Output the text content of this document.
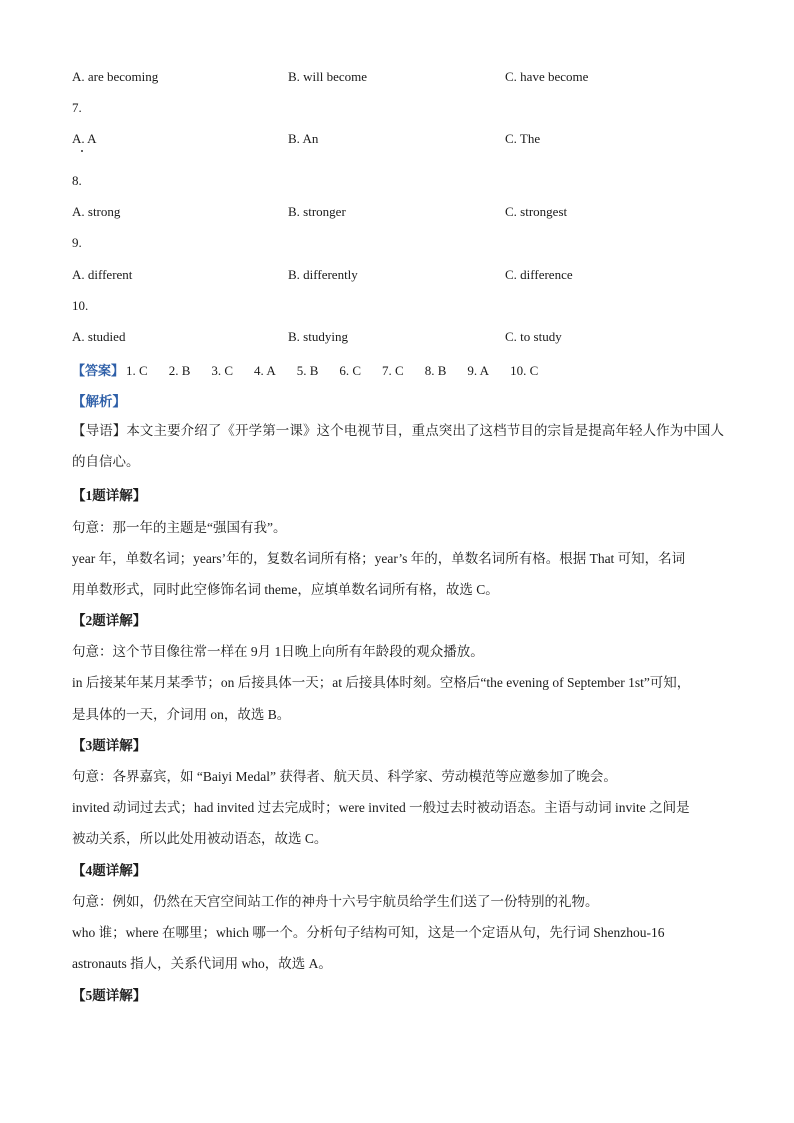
A. are becoming	B. will become	C. have become
7.
A. A	B. An	C. The
8.
A. strong	B. stronger	C. strongest
9.
A. different	B. differently	C. difference
10.
A. studied	B. studying	C. to study
【答案】 1. C 2. B 3. C 4. A 5. B 6. C 7. C 8. B 9. A 10. C
【解析】
【导语】本文主要介绍了《开学第一课》这个电视节目，重点突出了这档节目的宗旨是提高年轻人作为中国人的自信心。
【1题详解】
句意：那一年的主题是“强国有我”。
year 年，单数名词；years’年的，复数名词所有格；year’s 年的，单数名词所有格。根据 That 可知，名词
用单数形式，同时此空修饰名词 theme，应填单数名词所有格，故选 C。
【2题详解】
句意：这个节目像往常一样在 9月 1日晚上向所有年龄段的观众播放。
in 后接某年某月某季节；on 后接具体一天；at 后接具体时刻。空格后“the evening of September 1st”可知，
是具体的一天，介词用 on，故选 B。
【3题详解】
句意：各界嘉宾，如 “Baiyi Medal” 获得者、航天员、科学家、劳动模范等应邀参加了晚会。
invited 动词过去式；had invited 过去完成时；were invited 一般过去时被动语态。主语与动词 invite 之间是
被动关系，所以此处用被动语态，故选 C。
【4题详解】
句意：例如，仍然在天宫空间站工作的神舟十六号宇航员给学生们送了一份特别的礼物。
who 谁；where 在哪里；which 哪一个。分析句子结构可知，这是一个定语从句，先行词 Shenzhou-16
astronauts 指人，关系代词用 who，故选 A。
【5题详解】
